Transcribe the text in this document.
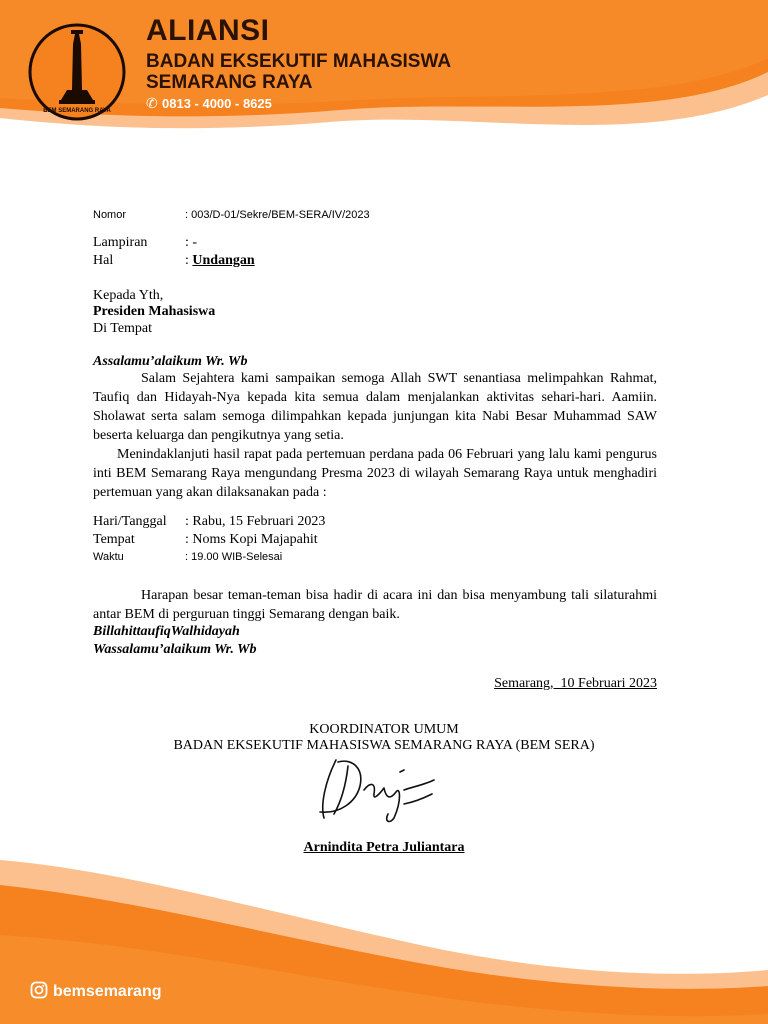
BEM SEMARANG RAYA
ALIANSI
BADAN EKSEKUTIF MAHASISWA
SEMARANG RAYA
✆ 0813 - 4000 - 8625
Nomor	: 003/D-01/Sekre/BEM-SERA/IV/2023
Lampiran	: -
Hal	: Undangan
Kepada Yth,
Presiden Mahasiswa
Di Tempat
Assalamu’alaikum Wr. Wb
Salam Sejahtera kami sampaikan semoga Allah SWT senantiasa melimpahkan Rahmat, Taufiq dan Hidayah-Nya kepada kita semua dalam menjalankan aktivitas sehari-hari. Aamiin. Sholawat serta salam semoga dilimpahkan kepada junjungan kita Nabi Besar Muhammad SAW beserta keluarga dan pengikutnya yang setia.
Menindaklanjuti hasil rapat pada pertemuan perdana pada 06 Februari yang lalu kami pengurus inti BEM Semarang Raya mengundang Presma 2023 di wilayah Semarang Raya untuk menghadiri pertemuan yang akan dilaksanakan pada :
Hari/Tanggal : Rabu, 15 Februari 2023
Tempat	: Noms Kopi Majapahit
Waktu	: 19.00 WIB-Selesai
Harapan besar teman-teman bisa hadir di acara ini dan bisa menyambung tali silaturahmi antar BEM di perguruan tinggi Semarang dengan baik.
BillahittaufiqWalhidayah
Wassalamu’alaikum Wr. Wb
Semarang,  10 Februari 2023
KOORDINATOR UMUM
BADAN EKSEKUTIF MAHASISWA SEMARANG RAYA (BEM SERA)
Arnindita Petra Juliantara
bemsemarang
